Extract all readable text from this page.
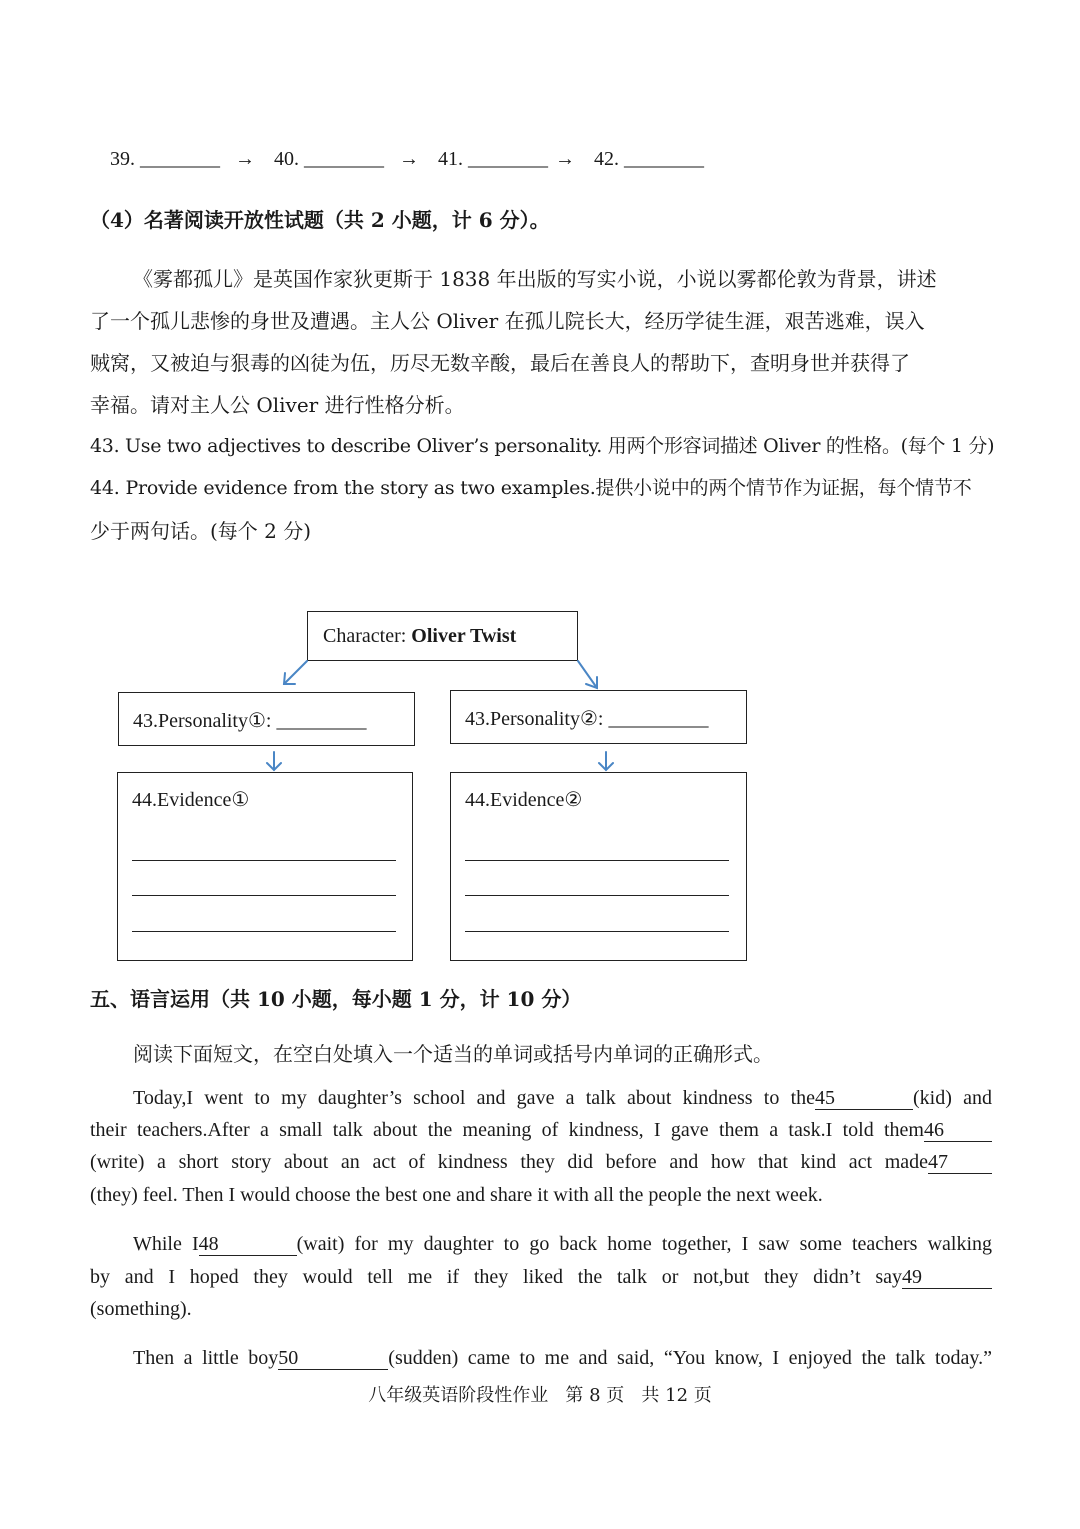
39. ________ → 40. ________ → 41. ________ → 42. ________
（4）名著阅读开放性试题（共 2 小题，计 6 分）。
《雾都孤儿》是英国作家狄更斯于 1838 年出版的写实小说，小说以雾都伦敦为背景，讲述
了一个孤儿悲惨的身世及遭遇。主人公 Oliver 在孤儿院长大，经历学徒生涯，艰苦逃难，误入
贼窝，又被迫与狠毒的凶徒为伍，历尽无数辛酸，最后在善良人的帮助下，查明身世并获得了
幸福。请对主人公 Oliver 进行性格分析。
43. Use two adjectives to describe Oliver’s personality. 用两个形容词描述 Oliver 的性格。(每个 1 分)
44. Provide evidence from the story as two examples.提供小说中的两个情节作为证据，每个情节不
少于两句话。(每个 2 分)
Character: Oliver Twist
43.Personality①: _________	43.Personality②: __________
44.Evidence①	44.Evidence②
五、语言运用（共 10 小题，每小题 1 分，计 10 分）
阅读下面短文，在空白处填入一个适当的单词或括号内单词的正确形式。
Today,I went to my daughter’s school and gave a talk about kindness to the45	(kid) and
their teachers.After a small talk about the meaning of kindness, I gave them a task.I told them46
(write) a short story about an act of kindness they did before and how that kind act made47
(they) feel. Then I would choose the best one and share it with all the people the next week.
While I48	(wait) for my daughter to go back home together, I saw some teachers walking
by and I hoped they would tell me if they liked the talk or not,but they didn’t say49
(something).
Then a little boy50	(sudden) came to me and said, “You know, I enjoyed the talk today.”
八年级英语阶段性作业   第 8 页   共 12 页
